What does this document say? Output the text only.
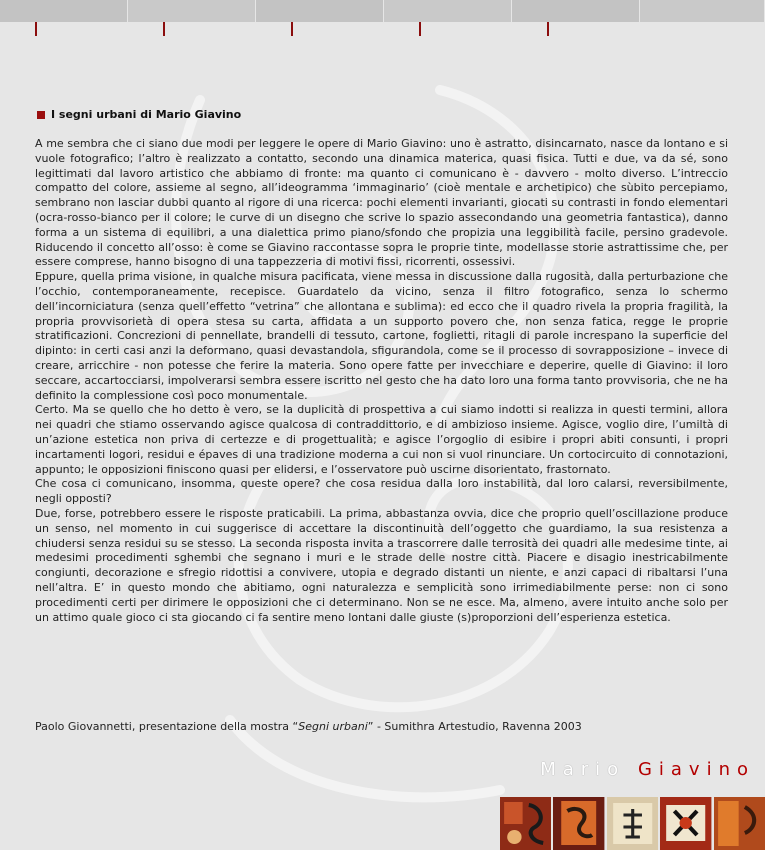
I segni urbani di Mario Giavino

A me sembra che ci siano due modi per leggere le opere di Mario Giavino: uno è astratto, disincarnato, nasce da lontano e si vuole fotografico; l’altro è realizzato a contatto, secondo una dinamica materica, quasi fisica. Tutti e due, va da sé, sono legittimati dal lavoro artistico che abbiamo di fronte: ma quanto ci comunicano è - davvero - molto diverso. L’intreccio compatto del colore, assieme al segno, all’ideogramma ‘immaginario’ (cioè mentale e archetipico) che sùbito percepiamo, sembrano non lasciar dubbi quanto al rigore di una ricerca: pochi elementi invarianti, giocati su contrasti in fondo elementari (ocra-rosso-bianco per il colore; le curve di un disegno che scrive lo spazio assecondando una geometria fantastica), danno forma a un sistema di equilibri, a una dialettica primo piano/sfondo che propizia una leggibilità facile, persino gradevole. Riducendo il concetto all’osso: è come se Giavino raccontasse sopra le proprie tinte, modellasse storie astrattissime che, per essere comprese, hanno bisogno di una tappezzeria di motivi fissi, ricorrenti, ossessivi.

Eppure, quella prima visione, in qualche misura pacificata, viene messa in discussione dalla rugosità, dalla perturbazione che l’occhio, contemporaneamente, recepisce. Guardatelo da vicino, senza il filtro fotografico, senza lo schermo dell’incorniciatura (senza quell’effetto “vetrina” che allontana e sublima): ed ecco che il quadro rivela la propria fragilità, la propria provvisorietà di opera stesa su carta, affidata a un supporto povero che, non senza fatica, regge le proprie stratificazioni. Concrezioni di pennellate, brandelli di tessuto, cartone, foglietti, ritagli di parole increspano la superficie del dipinto: in certi casi anzi la deformano, quasi devastandola, sfigurandola, come se il processo di sovrapposizione – invece di creare, arricchire - non potesse che ferire la materia. Sono opere fatte per invecchiare e deperire, quelle di Giavino: il loro seccare, accartocciarsi, impolverarsi sembra essere iscritto nel gesto che ha dato loro una forma tanto provvisoria, che ne ha definito la complessione così poco monumentale.

Certo. Ma se quello che ho detto è vero, se la duplicità di prospettiva a cui siamo indotti si realizza in questi termini, allora nei quadri che stiamo osservando agisce qualcosa di contraddittorio, e di ambizioso insieme. Agisce, voglio dire, l’umiltà di un’azione estetica non priva di certezze e di progettualità; e agisce l’orgoglio di esibire i propri abiti consunti, i propri incartamenti logori, residui e épaves di una tradizione moderna a cui non si vuol rinunciare. Un cortocircuito di connotazioni, appunto; le opposizioni finiscono quasi per elidersi, e l’osservatore può uscirne disorientato, frastornato.

Che cosa ci comunicano, insomma, queste opere? che cosa residua dalla loro instabilità, dal loro calarsi, reversibilmente, negli opposti?

Due, forse, potrebbero essere le risposte praticabili. La prima, abbastanza ovvia, dice che proprio quell’oscillazione produce un senso, nel momento in cui suggerisce di accettare la discontinuità dell’oggetto che guardiamo, la sua resistenza a chiudersi senza residui su se stesso. La seconda risposta invita a trascorrere dalle terrosità dei quadri alle medesime tinte, ai medesimi procedimenti sghembi che segnano i muri e le strade delle nostre città. Piacere e disagio inestricabilmente congiunti, decorazione e sfregio ridottisi a convivere, utopia e degrado distanti un niente, e anzi capaci di ribaltarsi l’una nell’altra. E’ in questo mondo che abitiamo, ogni naturalezza e semplicità sono irrimediabilmente perse: non ci sono procedimenti certi per dirimere le opposizioni che ci determinano. Non se ne esce. Ma, almeno, avere intuito anche solo per un attimo quale gioco ci sta giocando ci fa sentire meno lontani dalle giuste (s)proporzioni dell’esperienza estetica.

Paolo Giovannetti, presentazione della mostra “Segni urbani” - Sumithra Artestudio, Ravenna 2003
Mario Giavino
